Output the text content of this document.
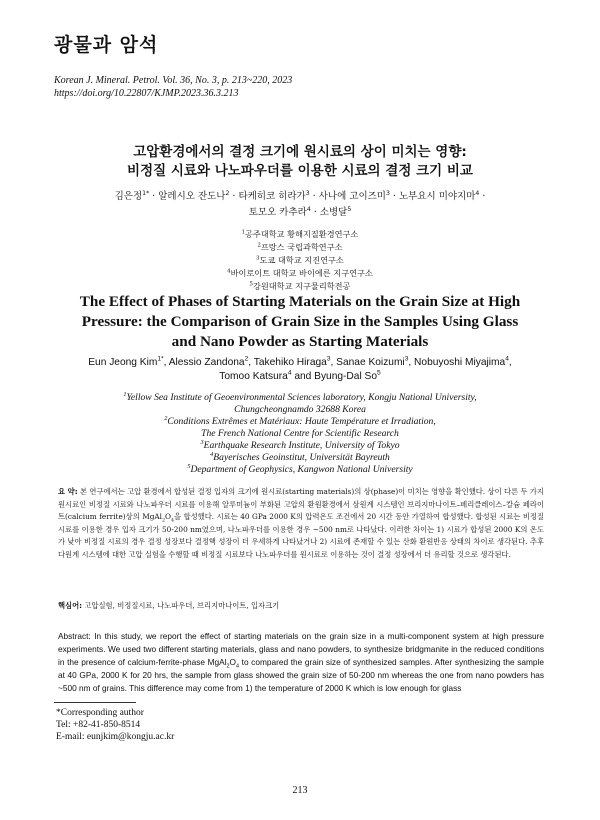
광물과 암석
Korean J. Mineral. Petrol. Vol. 36, No. 3, p. 213~220, 2023
https://doi.org/10.22807/KJMP.2023.36.3.213
고압환경에서의 결정 크기에 원시료의 상이 미치는 영향:
비정질 시료와 나노파우더를 이용한 시료의 결정 크기 비교
김은정$^{1*}$ · 알레시오 잔도나$^2$ · 타케히코 히라가$^3$ · 사나에 고이즈미$^3$ · 노부요시 미야지마$^4$ ·
토모오 카추라$^4$ · 소병달$^5$
$^1$공주대학교 황해지질환경연구소
$^2$프랑스 국립과학연구소
$^3$도쿄 대학교 지진연구소
$^4$바이로이트 대학교 바이에른 지구연구소
$^5$강원대학교 지구물리학전공
The Effect of Phases of Starting Materials on the Grain Size at High
Pressure: the Comparison of Grain Size in the Samples Using Glass
and Nano Powder as Starting Materials
Eun Jeong Kim$^{1*}$, Alessio Zandona$^2$, Takehiko Hiraga$^3$, Sanae Koizumi$^3$, Nobuyoshi Miyajima$^4$,
Tomoo Katsura$^4$ and Byung-Dal So$^5$
$^1$Yellow Sea Institute of Geoenvironmental Sciences laboratory, Kongju National University,
Chungcheongnamdo 32688 Korea
$^2$Conditions Extrêmes et Matériaux: Haute Température et Irradiation,
The French National Centre for Scientific Research
$^3$Earthquake Research Institute, University of Tokyo
$^4$Bayerisches Geoinstitut, Universität Bayreuth
$^5$Department of Geophysics, Kangwon National University
요 약: 본 연구에서는 고압 환경에서 합성된 결정 입자의 크기에 원시료(starting materials)의 상(phase)이 미치는 영향을 확인했다. 상이 다른 두 가지 원시료인 비정질 시료와 나노파우더 시료를 이용해 알루미늄이 부화된 고압의 환원환경에서 삼원계 시스템인 브리지마나이트–페리클레이스–칼슘 페라이트(calcium ferrite)상의 $MgAl_2O_4$을 합성했다. 시료는 40 GPa 2000 K의 압력온도 조건에서 20 시간 동안 가열하여 합성했다. 합성된 시료는 비정질 시료를 이용한 경우 입자 크기가 50-200 nm였으며, 나노파우더를 이용한 경우 ~500 nm로 나타났다. 이러한 차이는 1) 시료가 합성된 2000 K의 온도가 낮아 비정질 시료의 경우 결정 성장보다 결정핵 성장이 더 우세하게 나타났거나 2) 시료에 존재할 수 있는 산화 환원반응 상태의 차이로 생각된다. 추후 다원계 시스템에 대한 고압 실험을 수행할 때 비정질 시료보다 나노파우더를 원시료로 이용하는 것이 결정 성장에서 더 유리할 것으로 생각된다.
핵심어: 고압실험, 비정질시료, 나노파우더, 브리지마나이트, 입자크기
Abstract: In this study, we report the effect of starting materials on the grain size in a multi-component system at high pressure experiments. We used two different starting materials, glass and nano powders, to synthesize bridgmanite in the reduced conditions in the presence of calcium-ferrite-phase $MgAl_2O_4$ to compared the grain size of synthesized samples. After synthesizing the sample at 40 GPa, 2000 K for 20 hrs, the sample from glass showed the grain size of 50-200 nm whereas the one from nano powders has ~500 nm of grains. This difference may come from 1) the temperature of 2000 K which is low enough for glass
*Corresponding author
Tel: +82-41-850-8514
E-mail: eunjkim@kongju.ac.kr
213
